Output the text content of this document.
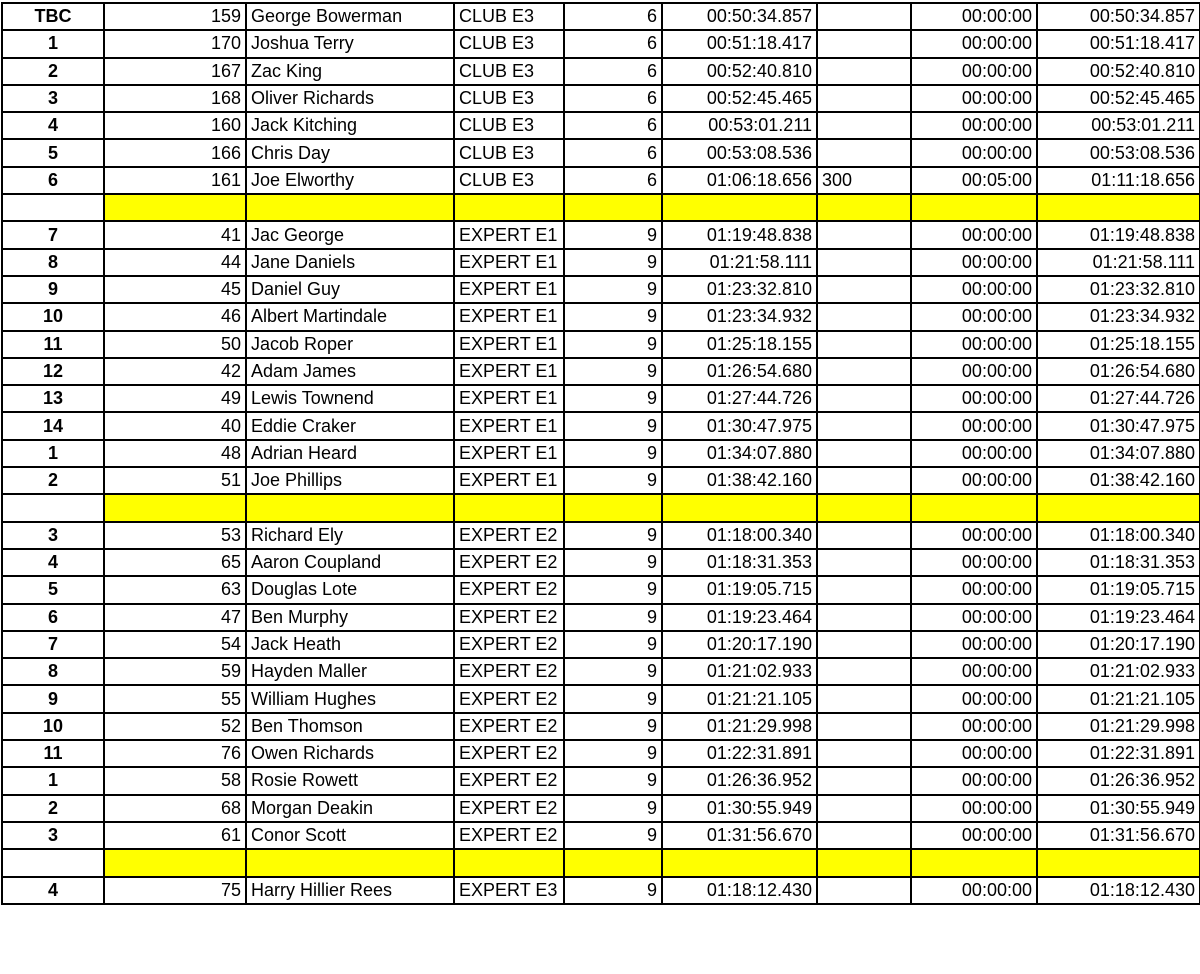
TBC	159	George Bowerman	CLUB E3	6	00:50:34.857		00:00:00	00:50:34.857
1	170	Joshua Terry	CLUB E3	6	00:51:18.417		00:00:00	00:51:18.417
2	167	Zac King	CLUB E3	6	00:52:40.810		00:00:00	00:52:40.810
3	168	Oliver Richards	CLUB E3	6	00:52:45.465		00:00:00	00:52:45.465
4	160	Jack Kitching	CLUB E3	6	00:53:01.211		00:00:00	00:53:01.211
5	166	Chris Day	CLUB E3	6	00:53:08.536		00:00:00	00:53:08.536
6	161	Joe Elworthy	CLUB E3	6	01:06:18.656	300	00:05:00	01:11:18.656

7	41	Jac George	EXPERT E1	9	01:19:48.838		00:00:00	01:19:48.838
8	44	Jane Daniels	EXPERT E1	9	01:21:58.111		00:00:00	01:21:58.111
9	45	Daniel Guy	EXPERT E1	9	01:23:32.810		00:00:00	01:23:32.810
10	46	Albert Martindale	EXPERT E1	9	01:23:34.932		00:00:00	01:23:34.932
11	50	Jacob Roper	EXPERT E1	9	01:25:18.155		00:00:00	01:25:18.155
12	42	Adam James	EXPERT E1	9	01:26:54.680		00:00:00	01:26:54.680
13	49	Lewis Townend	EXPERT E1	9	01:27:44.726		00:00:00	01:27:44.726
14	40	Eddie Craker	EXPERT E1	9	01:30:47.975		00:00:00	01:30:47.975
1	48	Adrian Heard	EXPERT E1	9	01:34:07.880		00:00:00	01:34:07.880
2	51	Joe Phillips	EXPERT E1	9	01:38:42.160		00:00:00	01:38:42.160

3	53	Richard Ely	EXPERT E2	9	01:18:00.340		00:00:00	01:18:00.340
4	65	Aaron Coupland	EXPERT E2	9	01:18:31.353		00:00:00	01:18:31.353
5	63	Douglas Lote	EXPERT E2	9	01:19:05.715		00:00:00	01:19:05.715
6	47	Ben Murphy	EXPERT E2	9	01:19:23.464		00:00:00	01:19:23.464
7	54	Jack Heath	EXPERT E2	9	01:20:17.190		00:00:00	01:20:17.190
8	59	Hayden Maller	EXPERT E2	9	01:21:02.933		00:00:00	01:21:02.933
9	55	William Hughes	EXPERT E2	9	01:21:21.105		00:00:00	01:21:21.105
10	52	Ben Thomson	EXPERT E2	9	01:21:29.998		00:00:00	01:21:29.998
11	76	Owen Richards	EXPERT E2	9	01:22:31.891		00:00:00	01:22:31.891
1	58	Rosie Rowett	EXPERT E2	9	01:26:36.952		00:00:00	01:26:36.952
2	68	Morgan Deakin	EXPERT E2	9	01:30:55.949		00:00:00	01:30:55.949
3	61	Conor Scott	EXPERT E2	9	01:31:56.670		00:00:00	01:31:56.670

4	75	Harry Hillier Rees	EXPERT E3	9	01:18:12.430		00:00:00	01:18:12.430
